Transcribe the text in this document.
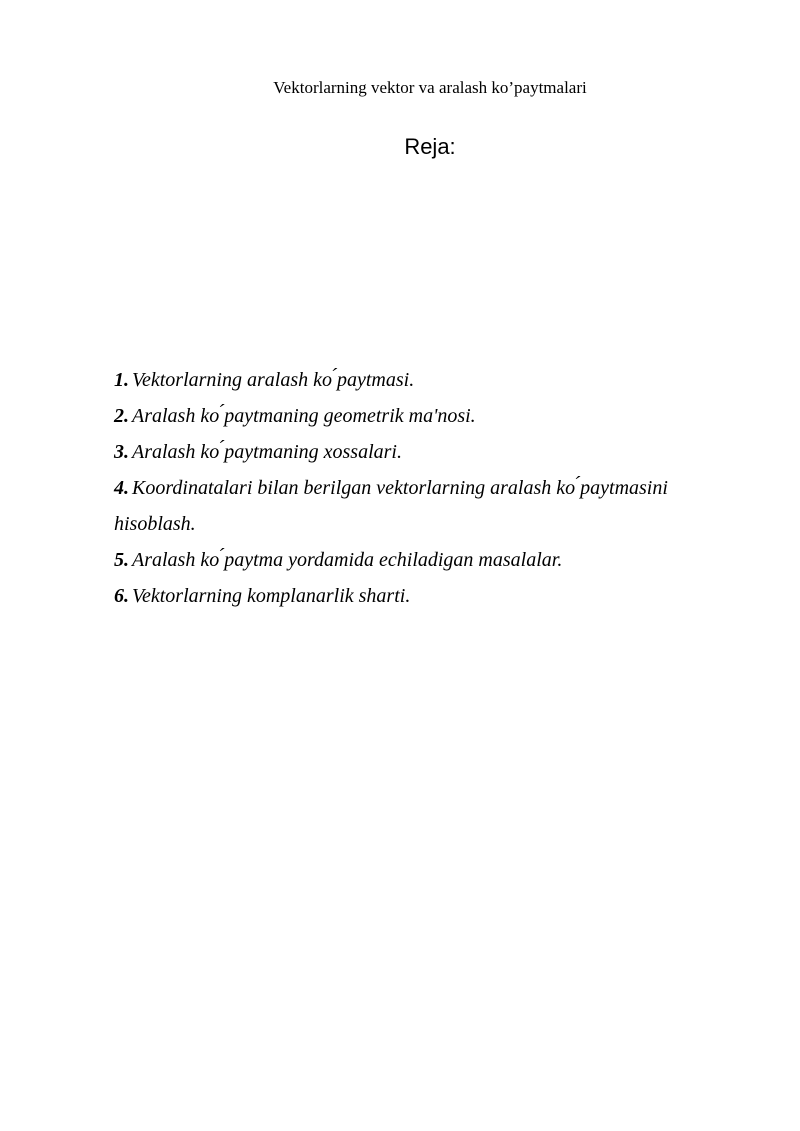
Vektorlarning vektor va aralash ko’paytmalari

Reja:
1. Vektorlarning aralash ko ́paytmasi.
2. Aralash ko ́paytmaning geometrik ma'nosi.
3. Aralash ko ́paytmaning xossalari.
4. Koordinatalari bilan berilgan vektorlarning aralash ko ́paytmasini hisoblash.
5. Aralash ko ́paytma yordamida echiladigan masalalar.
6. Vektorlarning komplanarlik sharti.
